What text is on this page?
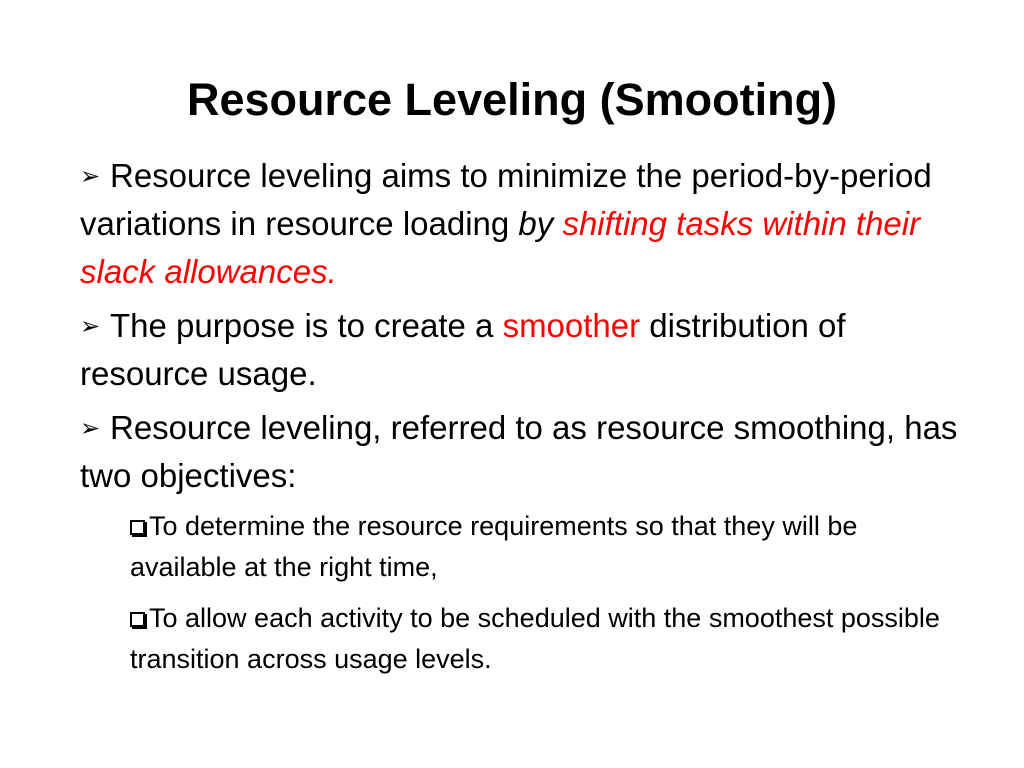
Resource Leveling (Smooting)

➢ Resource leveling aims to minimize the period-by-period variations in resource loading by shifting tasks within their slack allowances.

➢ The purpose is to create a smoother distribution of resource usage.

➢ Resource leveling, referred to as resource smoothing, has two objectives:

To determine the resource requirements so that they will be available at the right time,

To allow each activity to be scheduled with the smoothest possible transition across usage levels.
